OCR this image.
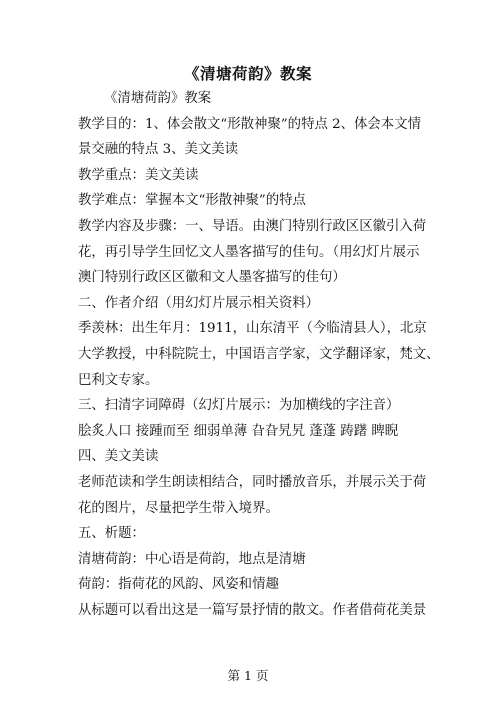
《清塘荷韵》教案
《清塘荷韵》教案
教学目的：1、体会散文“形散神聚”的特点 2、体会本文情
景交融的特点 3、美文美读
教学重点：美文美读
教学难点：掌握本文“形散神聚”的特点
教学内容及步骤：一、导语。由澳门特别行政区区徽引入荷
花，再引导学生回忆文人墨客描写的佳句。（用幻灯片展示
澳门特别行政区区徽和文人墨客描写的佳句）
二、作者介绍（用幻灯片展示相关资料）
季羡林：出生年月：1911，山东清平（今临清县人），北京
大学教授，中科院院士，中国语言学家，文学翻译家，梵文、
巴利文专家。
三、扫清字词障碍（幻灯片展示：为加横线的字注音）
脍炙人口 接踵而至 细弱单薄 旮旮旯旯 蓬蓬 踌躇 睥睨
四、美文美读
老师范读和学生朗读相结合，同时播放音乐，并展示关于荷
花的图片，尽量把学生带入境界。
五、析题：
清塘荷韵：中心语是荷韵，地点是清塘
荷韵：指荷花的风韵、风姿和情趣
从标题可以看出这是一篇写景抒情的散文。作者借荷花美景
第 1 页
